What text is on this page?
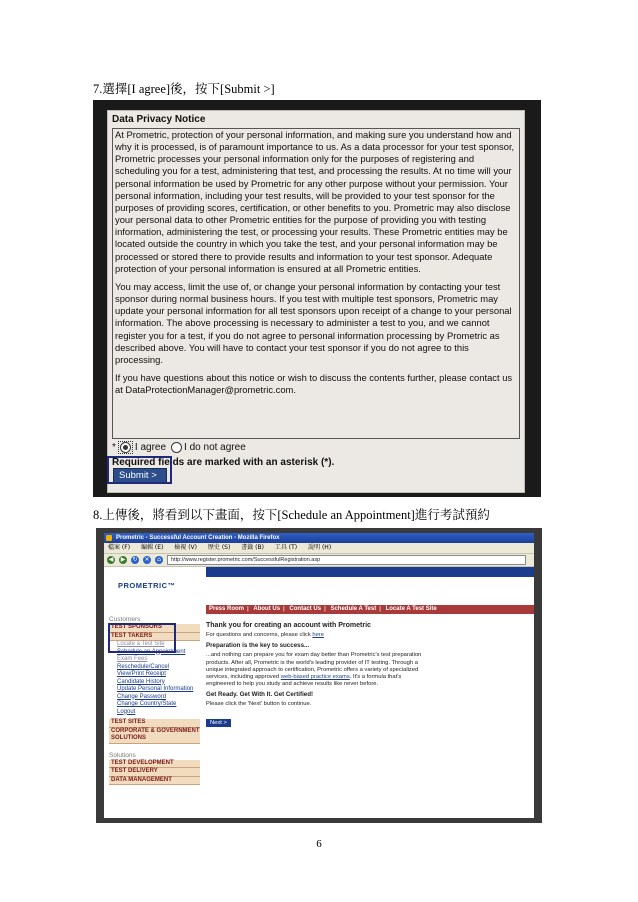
7.選擇[I agree]後，按下[Submit >]
Data Privacy Notice

At Prometric, protection of your personal information, and making sure you understand how and why it is processed, is of paramount importance to us. As a data processor for your test sponsor, Prometric processes your personal information only for the purposes of registering and scheduling you for a test, administering that test, and processing the results. At no time will your personal information be used by Prometric for any other purpose without your permission. Your personal information, including your test results, will be provided to your test sponsor for the purposes of providing scores, certification, or other benefits to you. Prometric may also disclose your personal data to other Prometric entities for the purpose of providing you with testing information, administering the test, or processing your results. These Prometric entities may be located outside the country in which you take the test, and your personal information may be processed or stored there to provide results and information to your test sponsor. Adequate protection of your personal information is ensured at all Prometric entities.

You may access, limit the use of, or change your personal information by contacting your test sponsor during normal business hours. If you test with multiple test sponsors, Prometric may update your personal information for all test sponsors upon receipt of a change to your personal information. The above processing is necessary to administer a test to you, and we cannot register you for a test, if you do not agree to personal information processing by Prometric as described above. You will have to contact your test sponsor if you do not agree to this processing.

If you have questions about this notice or wish to discuss the contents further, please contact us at DataProtectionManager@prometric.com.

* I agree I do not agree
Required fields are marked with an asterisk (*).
Submit >
8.上傳後，將看到以下畫面，按下[Schedule an Appointment]進行考試預約
Prometric - Successful Account Creation - Mozilla Firefox
檔案 (F) 編輯 (E) 檢視 (V) 歷史 (S) 書籤 (B) 工具 (T) 說明 (H)
◀ ▶ ↻ ✕	⌂	http://www.register.prometric.com/SuccessfulRegistration.asp
PROMETRIC™	Prometric
Press Room | About Us | Contact Us | Schedule A Test | Locate A Test Site
Customers
TEST SPONSORS
TEST TAKERS
Locate a Test Site
Schedule an Appointment
Exam Fees
Reschedule/Cancel
View/Print Receipt
Candidate History
Update Personal Information
Change Password
Change Country/State
Logout
TEST SITES
CORPORATE & GOVERNMENT SOLUTIONS
Solutions
TEST DEVELOPMENT
TEST DELIVERY
DATA MANAGEMENT
Thank you for creating an account with Prometric
For questions and concerns, please click here
Preparation is the key to success...
...and nothing can prepare you for exam day better than Prometric's test preparation products. After all, Prometric is the world's leading provider of IT testing. Through a unique integrated approach to certification, Prometric offers a variety of specialized services, including approved web-based practice exams. It's a formula that's engineered to help you study and achieve results like never before.
Get Ready. Get With It. Get Certified!
Please click the 'Next' button to continue.
Next >
6
